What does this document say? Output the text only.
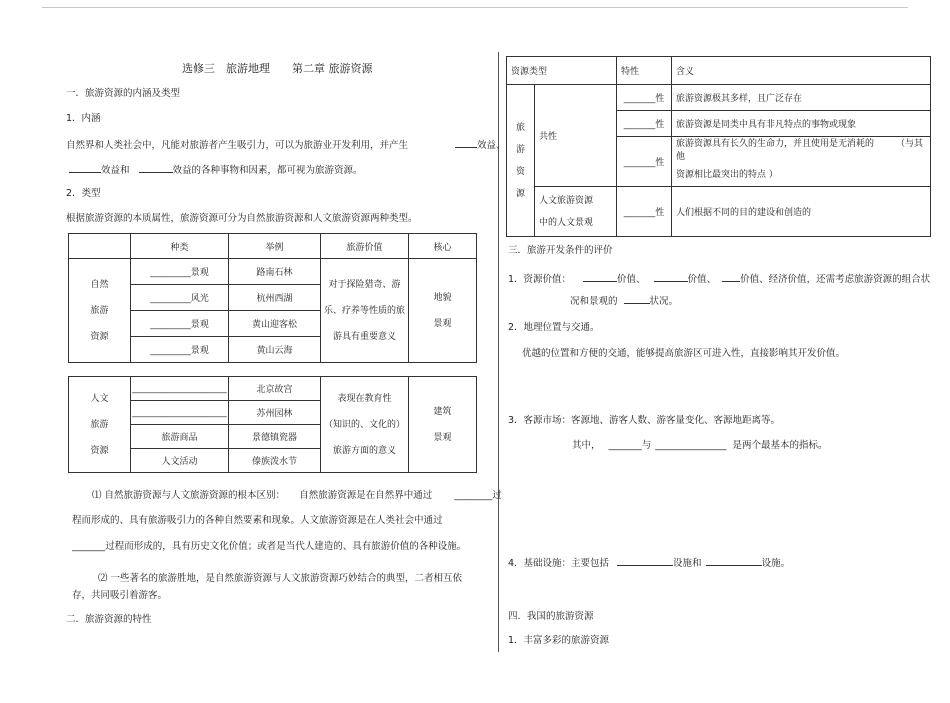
选修三　旅游地理　　第二章 旅游资源
一．旅游资源的内涵及类型
1．内涵
自然界和人类社会中，凡能对旅游者产生吸引力，可以为旅游业开发利用，并产生	效益、
效益和	效益的各种事物和因素，都可视为旅游资源。
2．类型
根据旅游资源的本质属性，旅游资源可分为自然旅游资源和人文旅游资源两种类型。
	种类	举例	旅游价值	核心

自然
旅游
资源	_________景观	路南石林	对于探险猎奇、游
乐、疗养等性质的旅
游具有重要意义	地貌
景观

	_________风光	杭州西湖		
	_________景观	黄山迎客松		
	_________景观	黄山云海		
人文
旅游
资源	_____________________	北京故宫	表现在教育性
（知识的、文化的）
旅游方面的意义	建筑
景观

	_____________________	苏州园林		
	旅游商品	景德镇瓷器		
	人文活动	傣族泼水节		
⑴ 自然旅游资源与人文旅游资源的根本区别：　　自然旅游资源是在自然界中通过 ________过
程而形成的、具有旅游吸引力的各种自然要素和现象。人文旅游资源是在人类社会中通过
_______过程而形成的，具有历史文化价值；或者是当代人建造的、具有旅游价值的各种设施。
⑵ 一些著名的旅游胜地，是自然旅游资源与人文旅游资源巧妙结合的典型，二者相互依
存，共同吸引着游客。
二．旅游资源的特性
资源类型		特性	含义

旅
游
资
源	共性	_______性	旅游资源极其多样，且广泛存在
		_______性	旅游资源是同类中具有非凡特点的事物或现象
		_______性	旅游资源具有长久的生命力，并且使用是无消耗的 （与其他
资源相比最突出的特点 ）

	人文旅游资源
中的人文景观	_______性	人们根据不同的目的建设和创造的
三．旅游开发条件的评价
1．资源价值：	价值、	价值、	价值、经济价值，还需考虑旅游资源的组合状
况和景观的	状况。
2．地理位置与交通。
优越的位置和方便的交通，能够提高旅游区可进入性，直接影响其开发价值。
3．客源市场：客源地、游客人数、游客量变化、客源地距离等。
其中， _______与 _______________ 是两个最基本的指标。
4．基础设施：主要包括	设施和	设施。
四．我国的旅游资源
1．丰富多彩的旅游资源
